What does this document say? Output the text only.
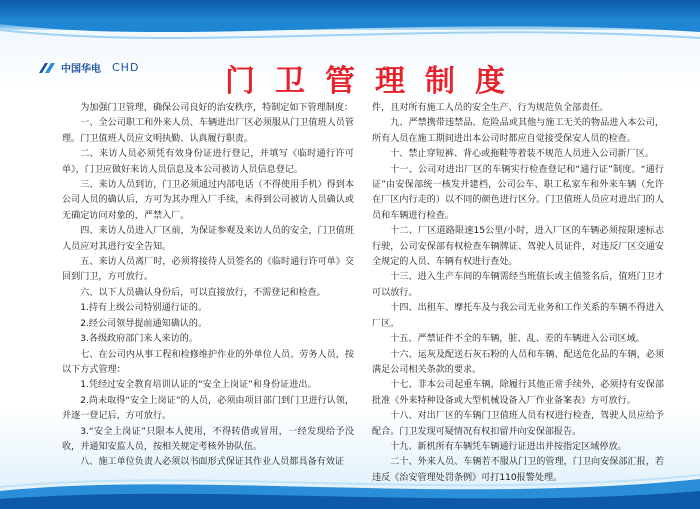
中国华电 CHD	门卫管理制度

为加强门卫管理，确保公司良好的治安秩序，特制定如下管理制度：

一、全公司职工和外来人员、车辆进出厂区必须服从门卫值班人员管理。门卫值班人员应文明执勤、认真履行职责。

二、来访人员必须凭有效身份证进行登记，并填写《临时通行许可单》，门卫应做好来访人员信息及本公司被访人员信息登记。

三、来访人员到访，门卫必须通过内部电话（不得使用手机）得到本公司人员的确认后，方可为其办理入厂手续，未得到公司被访人员确认或无确定访问对象的，严禁入厂。

四、来访人员进入厂区前，为保证参观及来访人员的安全，门卫值班人员应对其进行安全告知。

五、来访人员离厂时，必须将接待人员签名的《临时通行许可单》交回到门卫，方可放行。

六、以下人员确认身份后，可以直接放行，不需登记和检查。

1.持有上级公司特别通行证的。

2.经公司领导提前通知确认的。

3.各级政府部门来人来访的。

七、在公司内从事工程和检修维护作业的外单位人员、劳务人员，按以下方式管理：

1.凭经过安全教育培训认证的“安全上岗证”和身份证进出。

2.尚未取得“安全上岗证”的人员，必须由项目部门到门卫进行认领，并逐一登记后，方可放行。

3.“安全上岗证”只限本人使用，不得转借或冒用，一经发现给予没收，并通知安监人员，按相关规定考核外协队伍。

八、施工单位负责人必须以书面形式保证其作业人员都具备有效证

件，且对所有施工人员的安全生产、行为规范负全部责任。

九、严禁携带违禁品、危险品或其他与施工无关的物品进入本公司，所有人员在施工期间进出本公司时都应自觉接受保安人员的检查。

十、禁止穿短裤、背心或拖鞋等着装不规范人员进入公司新厂区。

十一、公司对进出厂区的车辆实行检查登记和“通行证”制度。“通行证”由安保部统一核发并建档，公司公车、职工私家车和外来车辆（允许在厂区内行走的）以不同的颜色进行区分。门卫值班人员应对进出门的人员和车辆进行检查。

十二、厂区道路限速15公里/小时，进入厂区的车辆必须按限速标志行驶，公司安保部有权检查车辆牌证、驾驶人员证件，对违反厂区交通安全规定的人员、车辆有权进行查处。

十三、进入生产车间的车辆需经当班值长或主值签名后，值班门卫才可以放行。

十四、出租车、摩托车及与我公司无业务和工作关系的车辆不得进入厂区。

十五、严禁证件不全的车辆，脏、乱、差的车辆进入公司区域。

十六、运灰及配送石灰石粉的人员和车辆、配送危化品的车辆，必须满足公司相关条款的要求。

十七、非本公司起重车辆，除履行其他正常手续外，必须持有安保部批准《外来特种设备或大型机械设备入厂作业备案表》方可放行。

十八、对出厂区的车辆门卫值班人员有权进行检查，驾驶人员应给予配合。门卫发现可疑情况有权扣留并向安保部报告。

十九、新机所有车辆凭车辆通行证进出并按指定区域停放。

二十、外来人员、车辆若不服从门卫的管理，门卫向安保部汇报，若违反《治安管理处罚条例》可打110报警处理。
